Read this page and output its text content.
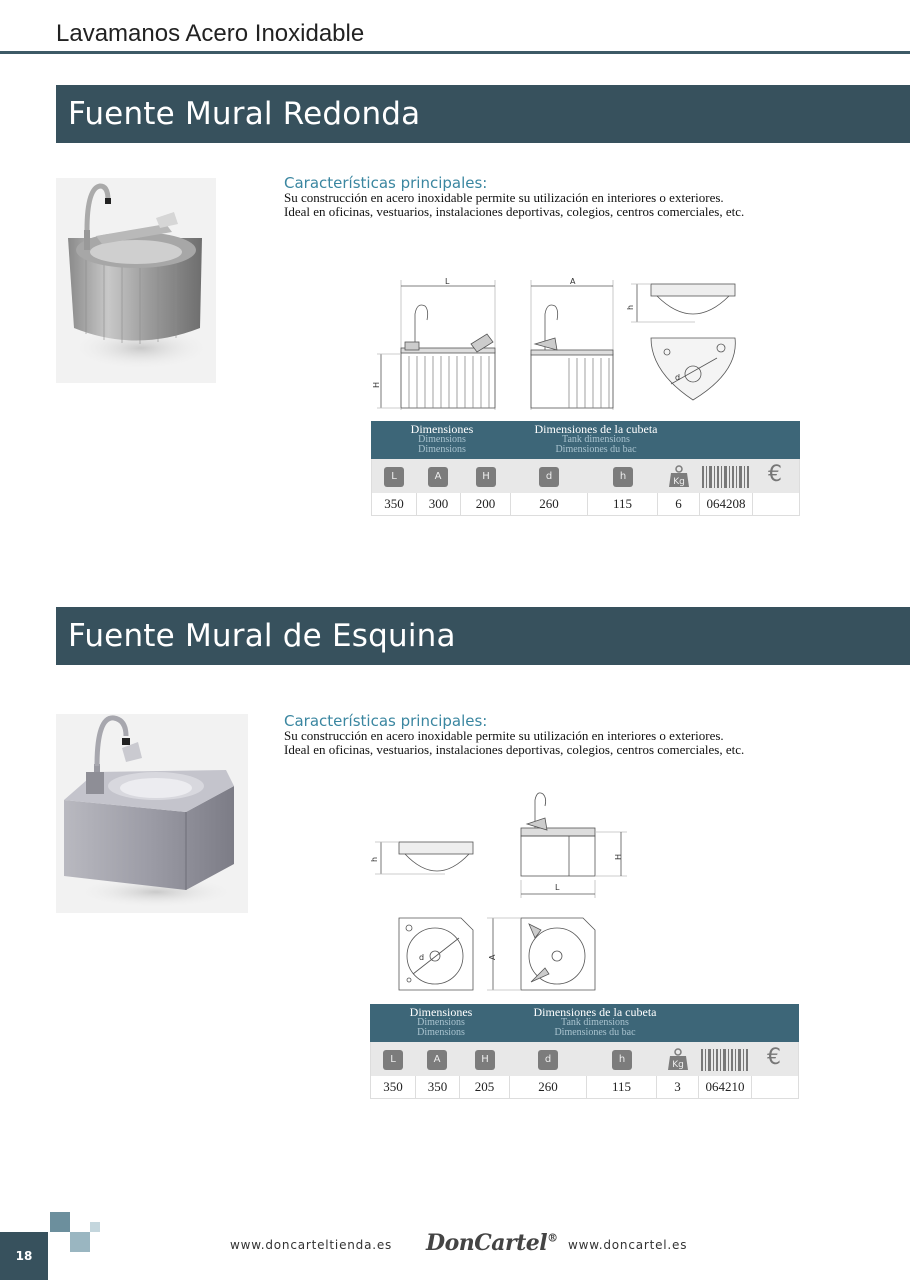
Lavamanos Acero Inoxidable
Fuente Mural Redonda
Características principales:
Su construcción en acero inoxidable permite su utilización en interiores o exteriores.
Ideal en oficinas, vestuarios, instalaciones deportivas, colegios, centros comerciales, etc.
L	A
H
h
d
Dimensiones
Dimensions
Dimensions
Dimensiones de la cubeta
Tank dimensions
Dimensiones du bac
L	A	H	d	h	Kg	€
350	300	200	260	115	6	064208
Fuente Mural de Esquina
Características principales:
Su construcción en acero inoxidable permite su utilización en interiores o exteriores.
Ideal en oficinas, vestuarios, instalaciones deportivas, colegios, centros comerciales, etc.
L
A
H
h
d
Dimensiones
Dimensions
Dimensions
Dimensiones de la cubeta
Tank dimensions
Dimensiones du bac
L	A	H	d	h	Kg	€
350	350	205	260	115	3	064210
18
www.doncarteltienda.es DonCartel® www.doncartel.es
